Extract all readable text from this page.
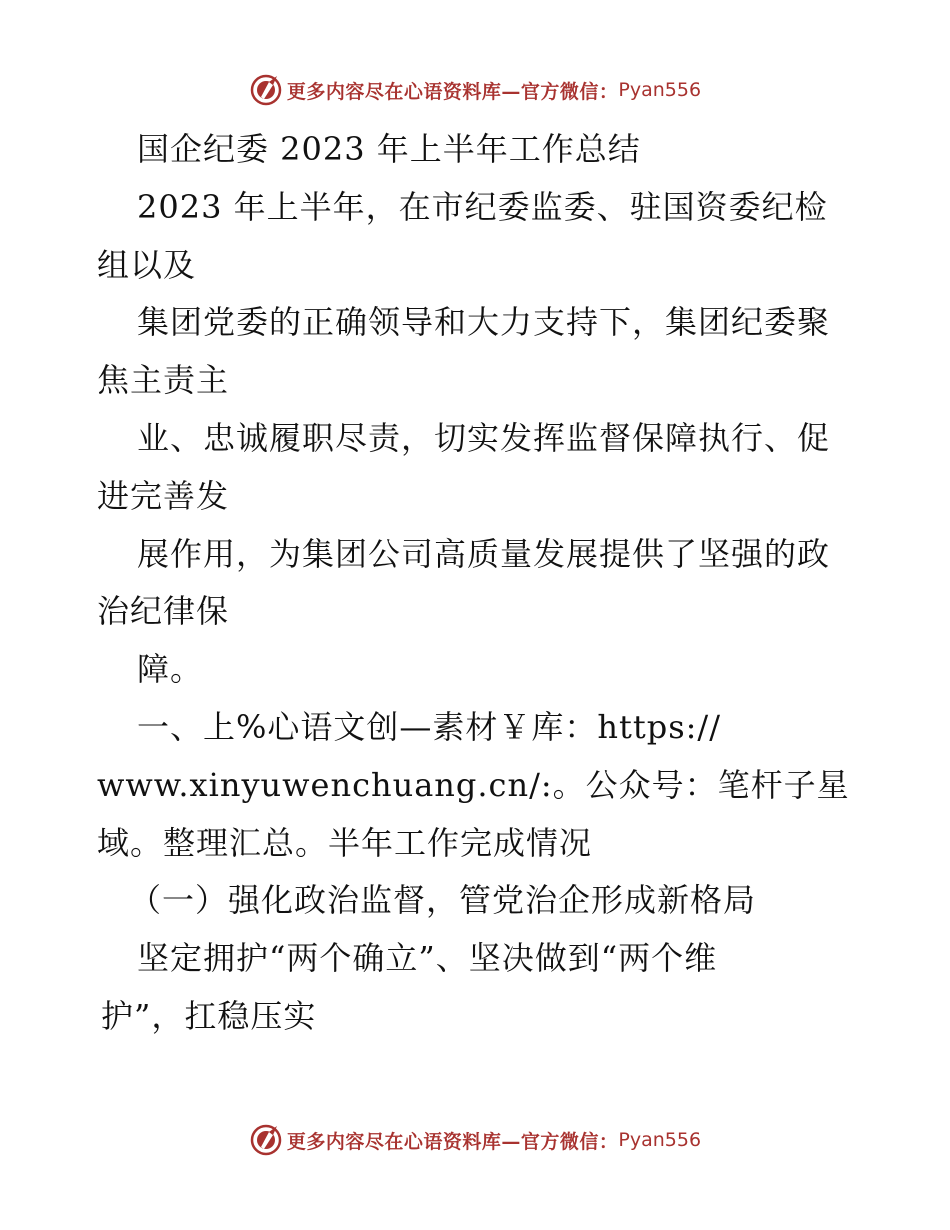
更多内容尽在心语资料库—官方微信： Pyan556
国企纪委 2023 年上半年工作总结
2023 年上半年，在市纪委监委、驻国资委纪检
组以及
集团党委的正确领导和大力支持下，集团纪委聚
焦主责主
业、忠诚履职尽责，切实发挥监督保障执行、促
进完善发
展作用，为集团公司高质量发展提供了坚强的政
治纪律保
障。
一、上%心语文创—素材￥库：https://
www.xinyuwenchuang.cn/:。公众号：笔杆子星
域。整理汇总。半年工作完成情况
（一）强化政治监督，管党治企形成新格局
坚定拥护“两个确立”、坚决做到“两个维
护”，扛稳压实
更多内容尽在心语资料库—官方微信： Pyan556
